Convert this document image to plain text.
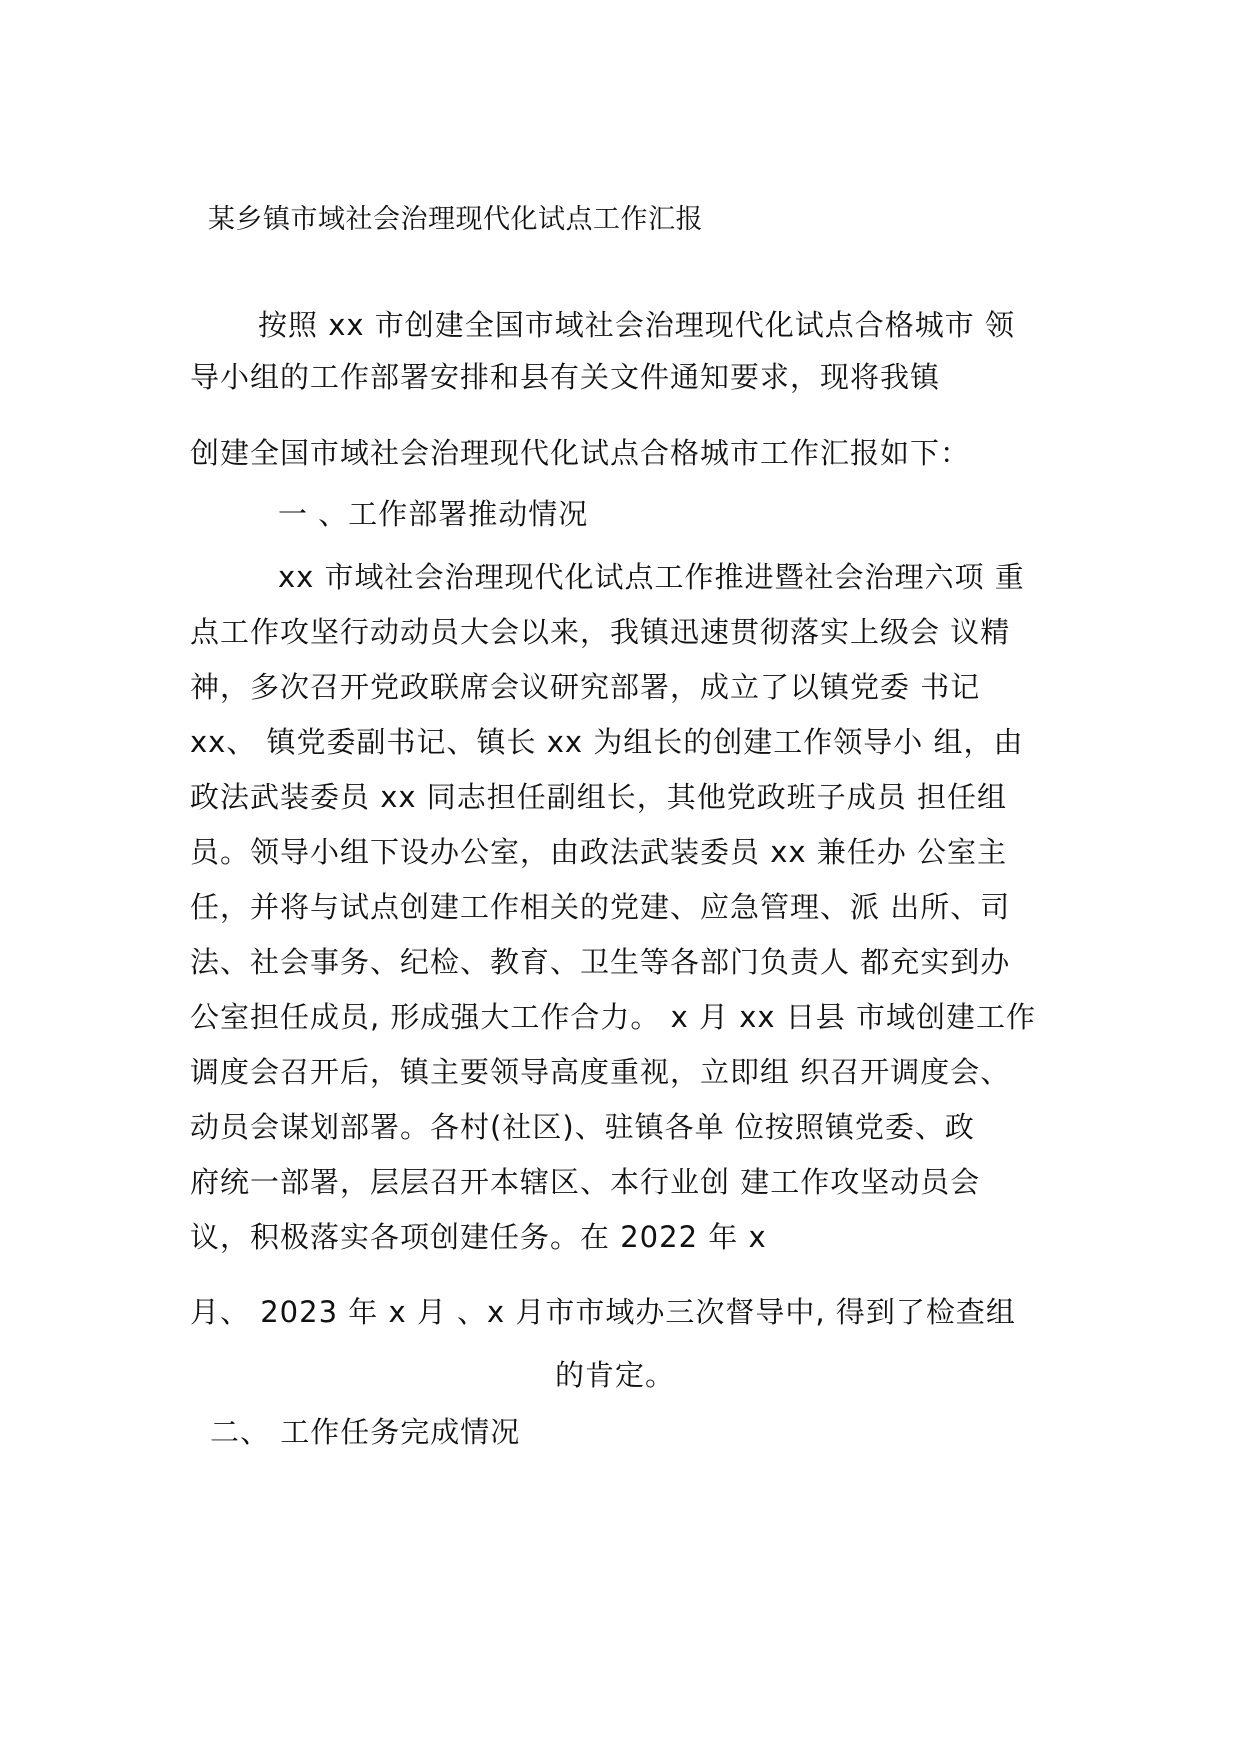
某乡镇市域社会治理现代化试点工作汇报
按照 xx 市创建全国市域社会治理现代化试点合格城市 领
导小组的工作部署安排和县有关文件通知要求，现将我镇
创建全国市域社会治理现代化试点合格城市工作汇报如下：
一 、工作部署推动情况
xx 市域社会治理现代化试点工作推进暨社会治理六项 重
点工作攻坚行动动员大会以来，我镇迅速贯彻落实上级会 议精
神，多次召开党政联席会议研究部署，成立了以镇党委 书记
xx、 镇党委副书记、镇长 xx 为组长的创建工作领导小 组，由
政法武装委员 xx 同志担任副组长，其他党政班子成员 担任组
员。领导小组下设办公室，由政法武装委员 xx 兼任办 公室主
任，并将与试点创建工作相关的党建、应急管理、派 出所、司
法、社会事务、纪检、教育、卫生等各部门负责人 都充实到办
公室担任成员, 形成强大工作合力。 x 月 xx 日县 市域创建工作
调度会召开后，镇主要领导高度重视，立即组 织召开调度会、
动员会谋划部署。各村(社区)、驻镇各单 位按照镇党委、政
府统一部署，层层召开本辖区、本行业创 建工作攻坚动员会
议，积极落实各项创建任务。在 2022 年 x
月、 2023 年 x 月 、x 月市市域办三次督导中, 得到了检查组
的肯定。
二、 工作任务完成情况
